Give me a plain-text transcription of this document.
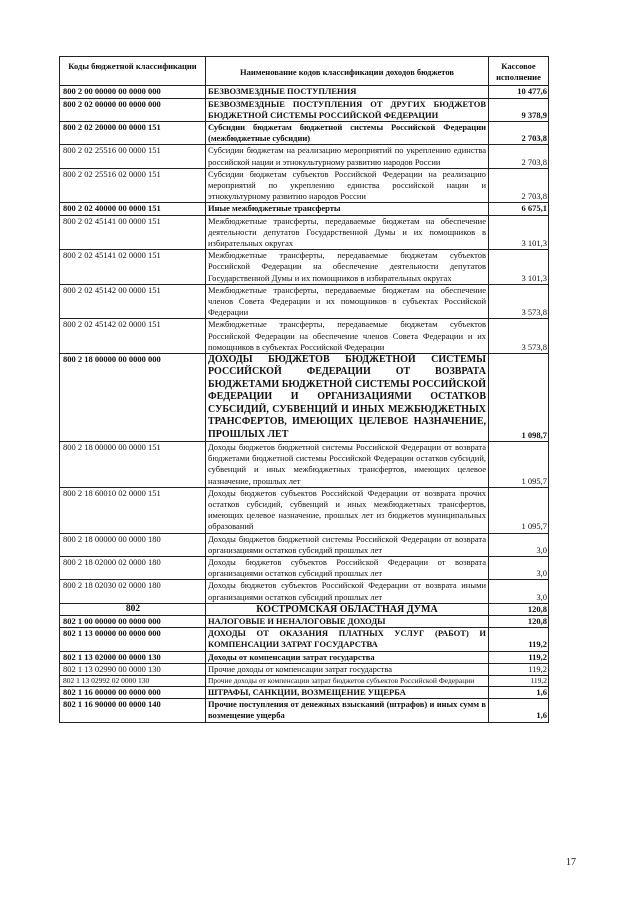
Коды бюджетной классификации	Наименование кодов классификации доходов бюджетов	Кассовое исполнение
800 2 00 00000 00 0000 000	БЕЗВОЗМЕЗДНЫЕ ПОСТУПЛЕНИЯ	10 477,6
800 2 02 00000 00 0000 000	БЕЗВОЗМЕЗДНЫЕ ПОСТУПЛЕНИЯ ОТ ДРУГИХ БЮДЖЕТОВ БЮДЖЕТНОЙ СИСТЕМЫ РОССИЙСКОЙ ФЕДЕРАЦИИ	9 378,9
800 2 02 20000 00 0000 151	Субсидии бюджетам бюджетной системы Российской Федерации (межбюджетные субсидии)	2 703,8
800 2 02 25516 00 0000 151	Субсидии бюджетам на реализацию мероприятий по укреплению единства российской нации и этнокультурному развитию народов России	2 703,8
800 2 02 25516 02 0000 151	Субсидии бюджетам субъектов Российской Федерации на реализацию мероприятий по укреплению единства российской нации и этнокультурному развитию народов России	2 703,8
800 2 02 40000 00 0000 151	Иные межбюджетные трансферты	6 675,1
800 2 02 45141 00 0000 151	Межбюджетные трансферты, передаваемые бюджетам на обеспечение деятельности депутатов Государственной Думы и их помощников в избирательных округах	3 101,3
800 2 02 45141 02 0000 151	Межбюджетные трансферты, передаваемые бюджетам субъектов Российской Федерации на обеспечение деятельности депутатов Государственной Думы и их помощников в избирательных округах	3 101,3
800 2 02 45142 00 0000 151	Межбюджетные трансферты, передаваемые бюджетам на обеспечение членов Совета Федерации и их помощников в субъектах Российской Федерации	3 573,8
800 2 02 45142 02 0000 151	Межбюджетные трансферты, передаваемые бюджетам субъектов Российской Федерации на обеспечение членов Совета Федерации и их помощников в субъектах Российской Федерации	3 573,8
800 2 18 00000 00 0000 000	ДОХОДЫ БЮДЖЕТОВ БЮДЖЕТНОЙ СИСТЕМЫ РОССИЙСКОЙ ФЕДЕРАЦИИ ОТ ВОЗВРАТА БЮДЖЕТАМИ БЮДЖЕТНОЙ СИСТЕМЫ РОССИЙСКОЙ ФЕДЕРАЦИИ И ОРГАНИЗАЦИЯМИ ОСТАТКОВ СУБСИДИЙ, СУБВЕНЦИЙ И ИНЫХ МЕЖБЮДЖЕТНЫХ ТРАНСФЕРТОВ, ИМЕЮЩИХ ЦЕЛЕВОЕ НАЗНАЧЕНИЕ, ПРОШЛЫХ ЛЕТ	1 098,7
800 2 18 00000 00 0000 151	Доходы бюджетов бюджетной системы Российской Федерации от возврата бюджетами бюджетной системы Российской Федерации остатков субсидий, субвенций и иных межбюджетных трансфертов, имеющих целевое назначение, прошлых лет	1 095,7
800 2 18 60010 02 0000 151	Доходы бюджетов субъектов Российской Федерации от возврата прочих остатков субсидий, субвенций и иных межбюджетных трансфертов, имеющих целевое назначение, прошлых лет из бюджетов муниципальных образований	1 095,7
800 2 18 00000 00 0000 180	Доходы бюджетов бюджетной системы Российской Федерации от возврата организациями остатков субсидий прошлых лет	3,0
800 2 18 02000 02 0000 180	Доходы бюджетов субъектов Российской Федерации от возврата организациями остатков субсидий прошлых лет	3,0
800 2 18 02030 02 0000 180	Доходы бюджетов субъектов Российской Федерации от возврата иными организациями остатков субсидий прошлых лет	3,0
802	КОСТРОМСКАЯ ОБЛАСТНАЯ ДУМА	120,8
802 1 00 00000 00 0000 000	НАЛОГОВЫЕ И НЕНАЛОГОВЫЕ ДОХОДЫ	120,8
802 1 13 00000 00 0000 000	ДОХОДЫ ОТ ОКАЗАНИЯ ПЛАТНЫХ УСЛУГ (РАБОТ) И КОМПЕНСАЦИИ ЗАТРАТ ГОСУДАРСТВА	119,2
802 1 13 02000 00 0000 130	Доходы от компенсации затрат государства	119,2
802 1 13 02990 00 0000 130	Прочие доходы от компенсации затрат государства	119,2
802 1 13 02992 02 0000 130	Прочие доходы от компенсации затрат бюджетов субъектов Российской Федерации	119,2
802 1 16 00000 00 0000 000	ШТРАФЫ, САНКЦИИ, ВОЗМЕЩЕНИЕ УЩЕРБА	1,6
802 1 16 90000 00 0000 140	Прочие поступления от денежных взысканий (штрафов) и иных сумм в возмещение ущерба	1,6
17
